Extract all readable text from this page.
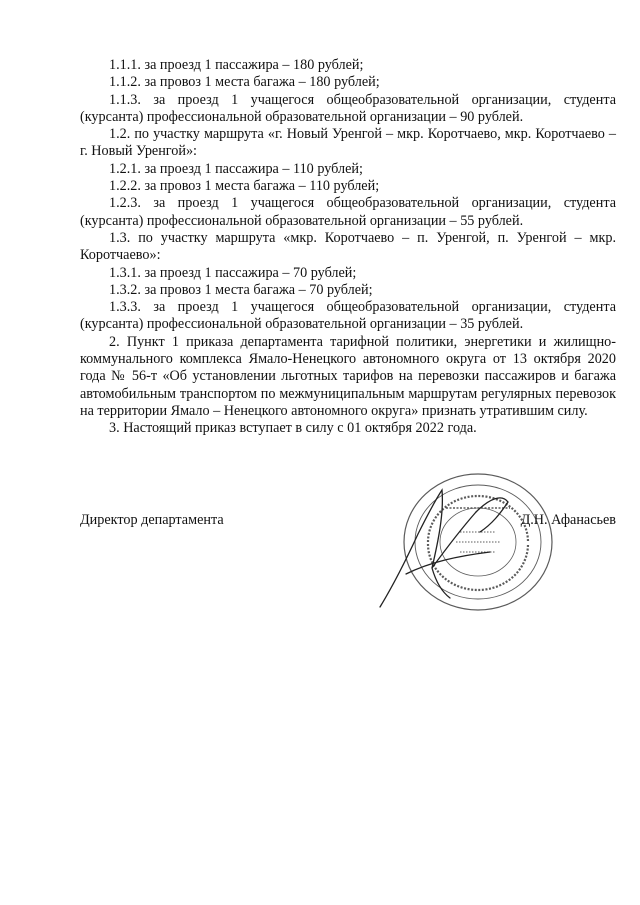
1.1.1. за проезд 1 пассажира – 180 рублей;

1.1.2. за провоз 1 места багажа – 180 рублей;

1.1.3. за проезд 1 учащегося общеобразовательной организации, студента (курсанта) профессиональной образовательной организации – 90 рублей.

1.2. по участку маршрута «г. Новый Уренгой – мкр. Коротчаево, мкр. Коротчаево – г. Новый Уренгой»:

1.2.1. за проезд 1 пассажира – 110 рублей;

1.2.2. за провоз 1 места багажа – 110 рублей;

1.2.3. за проезд 1 учащегося общеобразовательной организации, студента (курсанта) профессиональной образовательной организации – 55 рублей.

1.3. по участку маршрута «мкр. Коротчаево – п. Уренгой, п. Уренгой – мкр. Коротчаево»:

1.3.1. за проезд 1 пассажира – 70 рублей;

1.3.2. за провоз 1 места багажа – 70 рублей;

1.3.3. за проезд 1 учащегося общеобразовательной организации, студента (курсанта) профессиональной образовательной организации – 35 рублей.

2. Пункт 1 приказа департамента тарифной политики, энергетики и жилищно-коммунального комплекса Ямало-Ненецкого автономного округа от 13 октября 2020 года № 56-т «Об установлении льготных тарифов на перевозки пассажиров и багажа автомобильным транспортом по межмуниципальным маршрутам регулярных перевозок на территории Ямало – Ненецкого автономного округа» признать утратившим силу.

3. Настоящий приказ вступает в силу с 01 октября 2022 года.

Директор департамента	Д.Н. Афанасьев
